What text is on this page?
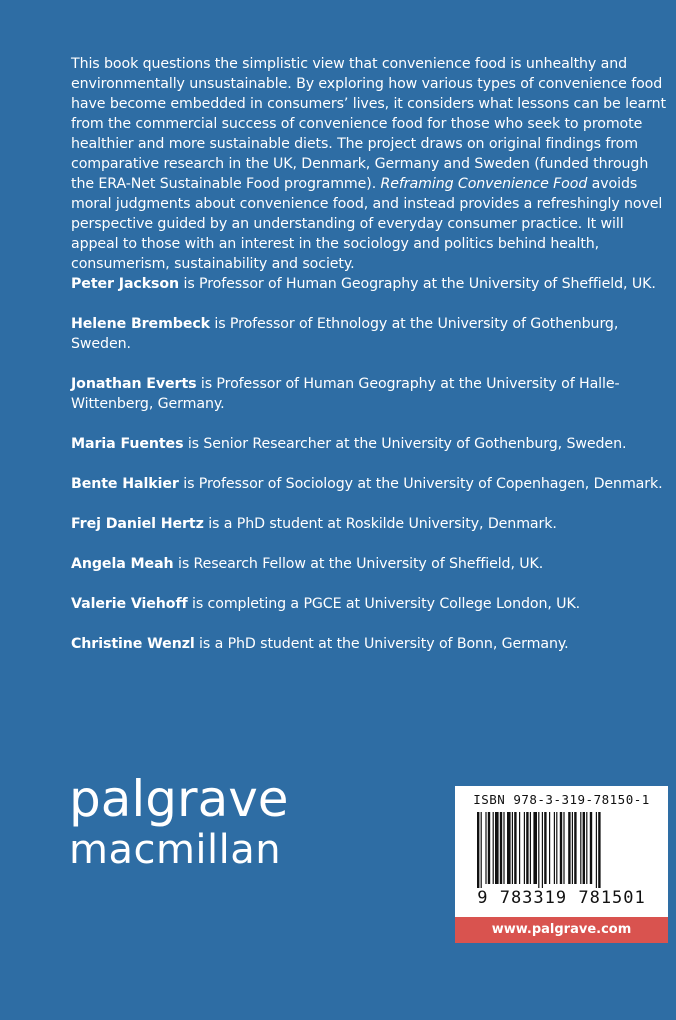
This book questions the simplistic view that convenience food is unhealthy and environmentally unsustainable. By exploring how various types of convenience food have become embedded in consumers’ lives, it considers what lessons can be learnt from the commercial success of convenience food for those who seek to promote healthier and more sustainable diets. The project draws on original findings from comparative research in the UK, Denmark, Germany and Sweden (funded through the ERA-Net Sustainable Food programme). Reframing Convenience Food avoids moral judgments about convenience food, and instead provides a refreshingly novel perspective guided by an understanding of everyday consumer practice. It will appeal to those with an interest in the sociology and politics behind health, consumerism, sustainability and society.

Peter Jackson is Professor of Human Geography at the University of Sheffield, UK.

Helene Brembeck is Professor of Ethnology at the University of Gothenburg, Sweden.

Jonathan Everts is Professor of Human Geography at the University of Halle-Wittenberg, Germany.

Maria Fuentes is Senior Researcher at the University of Gothenburg, Sweden.

Bente Halkier is Professor of Sociology at the University of Copenhagen, Denmark.

Frej Daniel Hertz is a PhD student at Roskilde University, Denmark.

Angela Meah is Research Fellow at the University of Sheffield, UK.

Valerie Viehoff is completing a PGCE at University College London, UK.

Christine Wenzl is a PhD student at the University of Bonn, Germany.

palgrave
macmillan
ISBN 978-3-319-78150-1
9 783319 781501
www.palgrave.com
